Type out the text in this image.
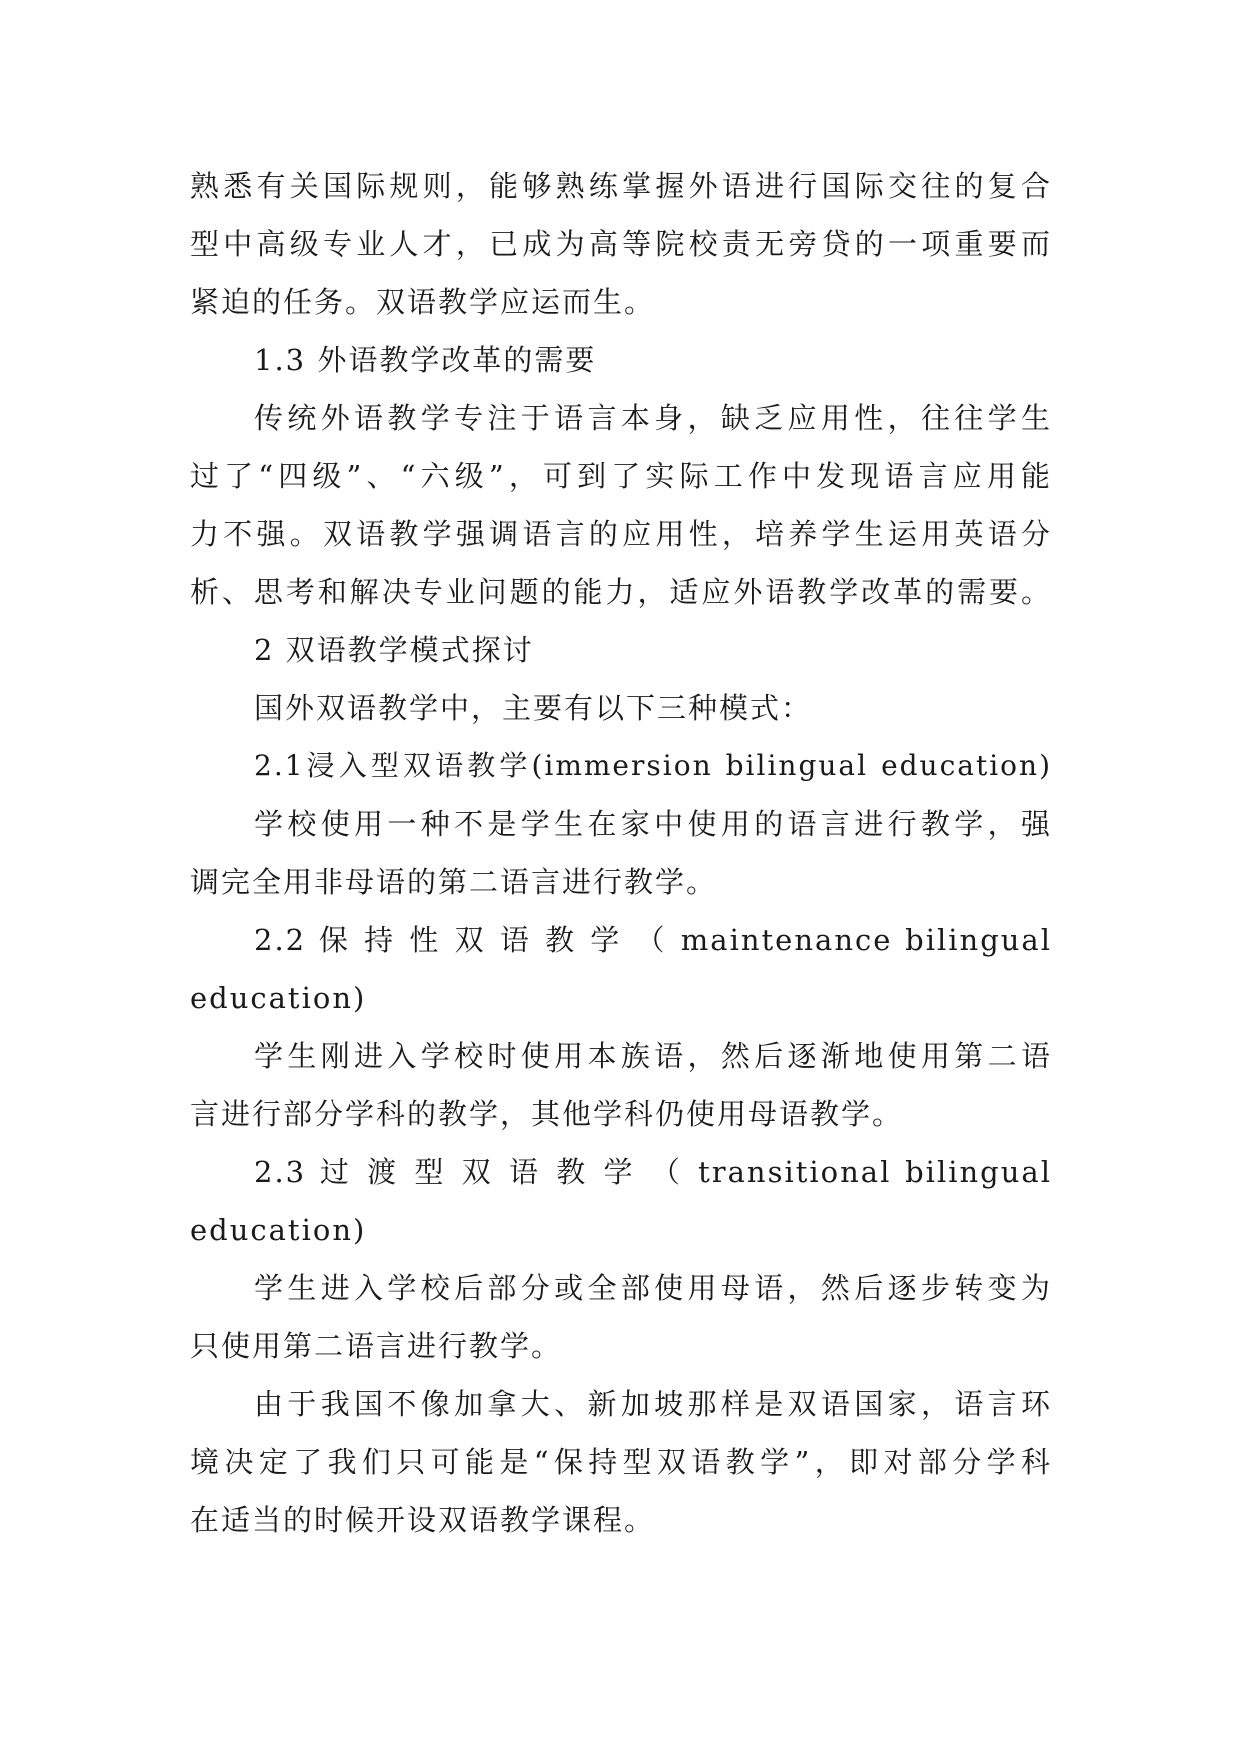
熟悉有关国际规则，能够熟练掌握外语进行国际交往的复合
型中高级专业人才，已成为高等院校责无旁贷的一项重要而
紧迫的任务。双语教学应运而生。
1.3 外语教学改革的需要
传统外语教学专注于语言本身，缺乏应用性，往往学生
过了“四级”、“六级”，可到了实际工作中发现语言应用能
力不强。双语教学强调语言的应用性，培养学生运用英语分
析、思考和解决专业问题的能力，适应外语教学改革的需要。
2 双语教学模式探讨
国外双语教学中，主要有以下三种模式：
2.1浸入型双语教学(immersion bilingual education)
学校使用一种不是学生在家中使用的语言进行教学，强
调完全用非母语的第二语言进行教学。
2.2 保 持 性 双 语 教 学 （ maintenance bilingual
education)
学生刚进入学校时使用本族语，然后逐渐地使用第二语
言进行部分学科的教学，其他学科仍使用母语教学。
2.3 过 渡 型 双 语 教 学 （ transitional bilingual
education)
学生进入学校后部分或全部使用母语，然后逐步转变为
只使用第二语言进行教学。
由于我国不像加拿大、新加坡那样是双语国家，语言环
境决定了我们只可能是“保持型双语教学”，即对部分学科
在适当的时候开设双语教学课程。
